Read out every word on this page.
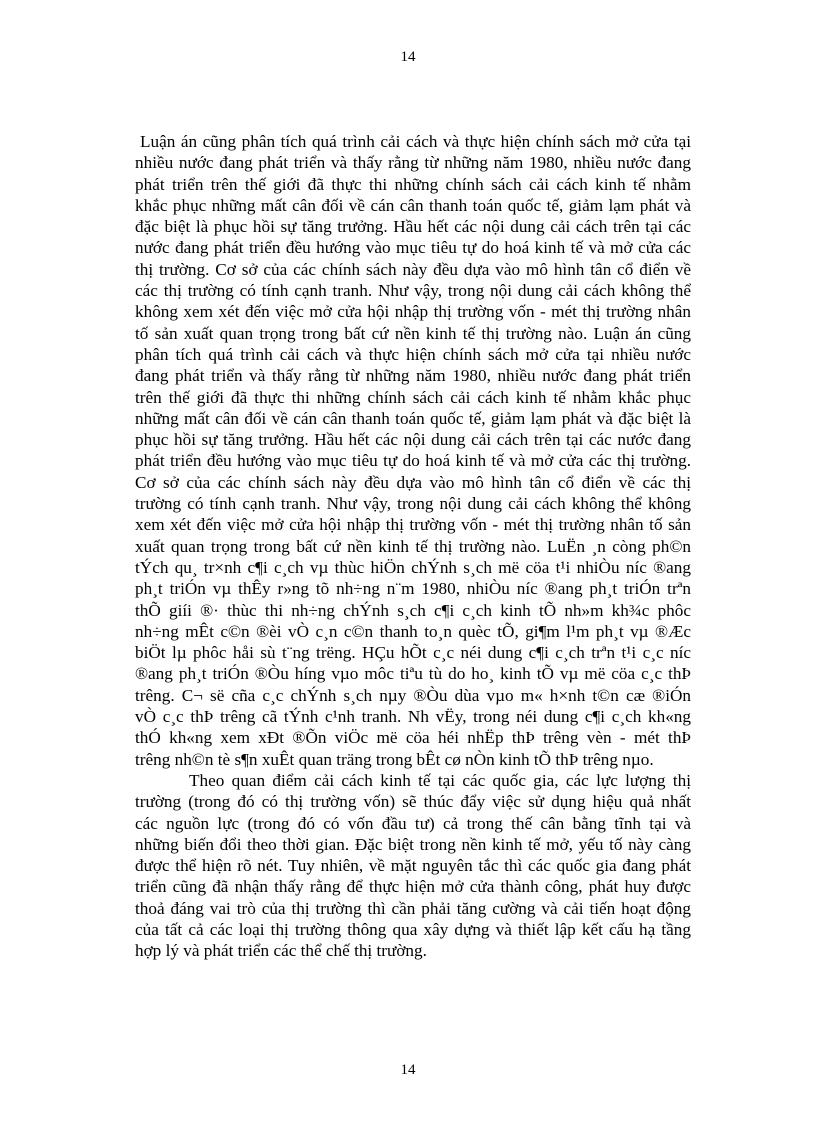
14
Luận án cũng phân tích quá trình cải cách và thực hiện chính sách mở cửa tại
nhiều nước đang phát triển và thấy rằng từ những năm 1980, nhiều nước đang
phát triển trên thế giới đã thực thi những chính sách cải cách kinh tế nhằm
khắc phục những mất cân đối về cán cân thanh toán quốc tế, giảm lạm phát và
đặc biệt là phục hồi sự tăng trưởng. Hầu hết các nội dung cải cách trên tại các
nước đang phát triển đều hướng vào mục tiêu tự do hoá kinh tế và mở cửa các
thị trường. Cơ sở của các chính sách này đều dựa vào mô hình tân cổ điển về
các thị trường có tính cạnh tranh. Như vậy, trong nội dung cải cách không thể
không xem xét đến việc mở cửa hội nhập thị trường vốn - mét thị trường nhân
tố sản xuất quan trọng trong bất cứ nền kinh tế thị trường nào. Luận án cũng
phân tích quá trình cải cách và thực hiện chính sách mở cửa tại nhiều nước
đang phát triển và thấy rằng từ những năm 1980, nhiều nước đang phát triển
trên thế giới đã thực thi những chính sách cải cách kinh tế nhằm khắc phục
những mất cân đối về cán cân thanh toán quốc tế, giảm lạm phát và đặc biệt là
phục hồi sự tăng trưởng. Hầu hết các nội dung cải cách trên tại các nước đang
phát triển đều hướng vào mục tiêu tự do hoá kinh tế và mở cửa các thị trường.
Cơ sở của các chính sách này đều dựa vào mô hình tân cổ điển về các thị
trường có tính cạnh tranh. Như vậy, trong nội dung cải cách không thể không
xem xét đến việc mở cửa hội nhập thị trường vốn - mét thị trường nhân tố sản
xuất quan trọng trong bất cứ nền kinh tế thị trường nào. LuËn ¸n còng ph©n
tÝch qu¸ tr×nh c¶i c¸ch vµ thùc hiÖn chÝnh s¸ch më cöa t¹i nhiÒu níc ®ang
ph¸t triÓn vµ thÊy r»ng tõ nh÷ng n¨m 1980, nhiÒu níc ®ang ph¸t triÓn trªn
thÕ giíi ®· thùc thi nh÷ng chÝnh s¸ch c¶i c¸ch kinh tÕ nh»m kh¾c phôc
nh÷ng mÊt c©n ®èi vÒ c¸n c©n thanh to¸n quèc tÕ, gi¶m l¹m ph¸t vµ ®Æc
biÖt lµ phôc håi sù t¨ng trëng. HÇu hÕt c¸c néi dung c¶i c¸ch trªn t¹i c¸c níc
®ang ph¸t triÓn ®Òu híng vµo môc tiªu tù do ho¸ kinh tÕ vµ më cöa c¸c thÞ
trêng. C¬ së cña c¸c chÝnh s¸ch nµy ®Òu dùa vµo m« h×nh t©n cæ ®iÓn
vÒ c¸c thÞ trêng cã tÝnh c¹nh tranh. Nh vËy, trong néi dung c¶i c¸ch kh«ng
thÓ kh«ng xem xÐt ®Õn viÖc më cöa héi nhËp thÞ trêng vèn - mét thÞ
trêng nh©n tè s¶n xuÊt quan träng trong bÊt cø nÒn kinh tÕ thÞ trêng nµo.
Theo quan điểm cải cách kinh tế tại các quốc gia, các lực lượng thị
trường (trong đó có thị trường vốn) sẽ thúc đẩy việc sử dụng hiệu quả nhất
các nguồn lực (trong đó có vốn đầu tư) cả trong thế cân bằng tĩnh tại và
những biến đổi theo thời gian. Đặc biệt trong nền kinh tế mở, yếu tố này càng
được thể hiện rõ nét. Tuy nhiên, về mặt nguyên tắc thì các quốc gia đang phát
triển cũng đã nhận thấy rằng để thực hiện mở cửa thành công, phát huy được
thoả đáng vai trò của thị trường thì cần phải tăng cường và cải tiến hoạt động
của tất cả các loại thị trường thông qua xây dựng và thiết lập kết cấu hạ tầng
hợp lý và phát triển các thể chế thị trường.
14
